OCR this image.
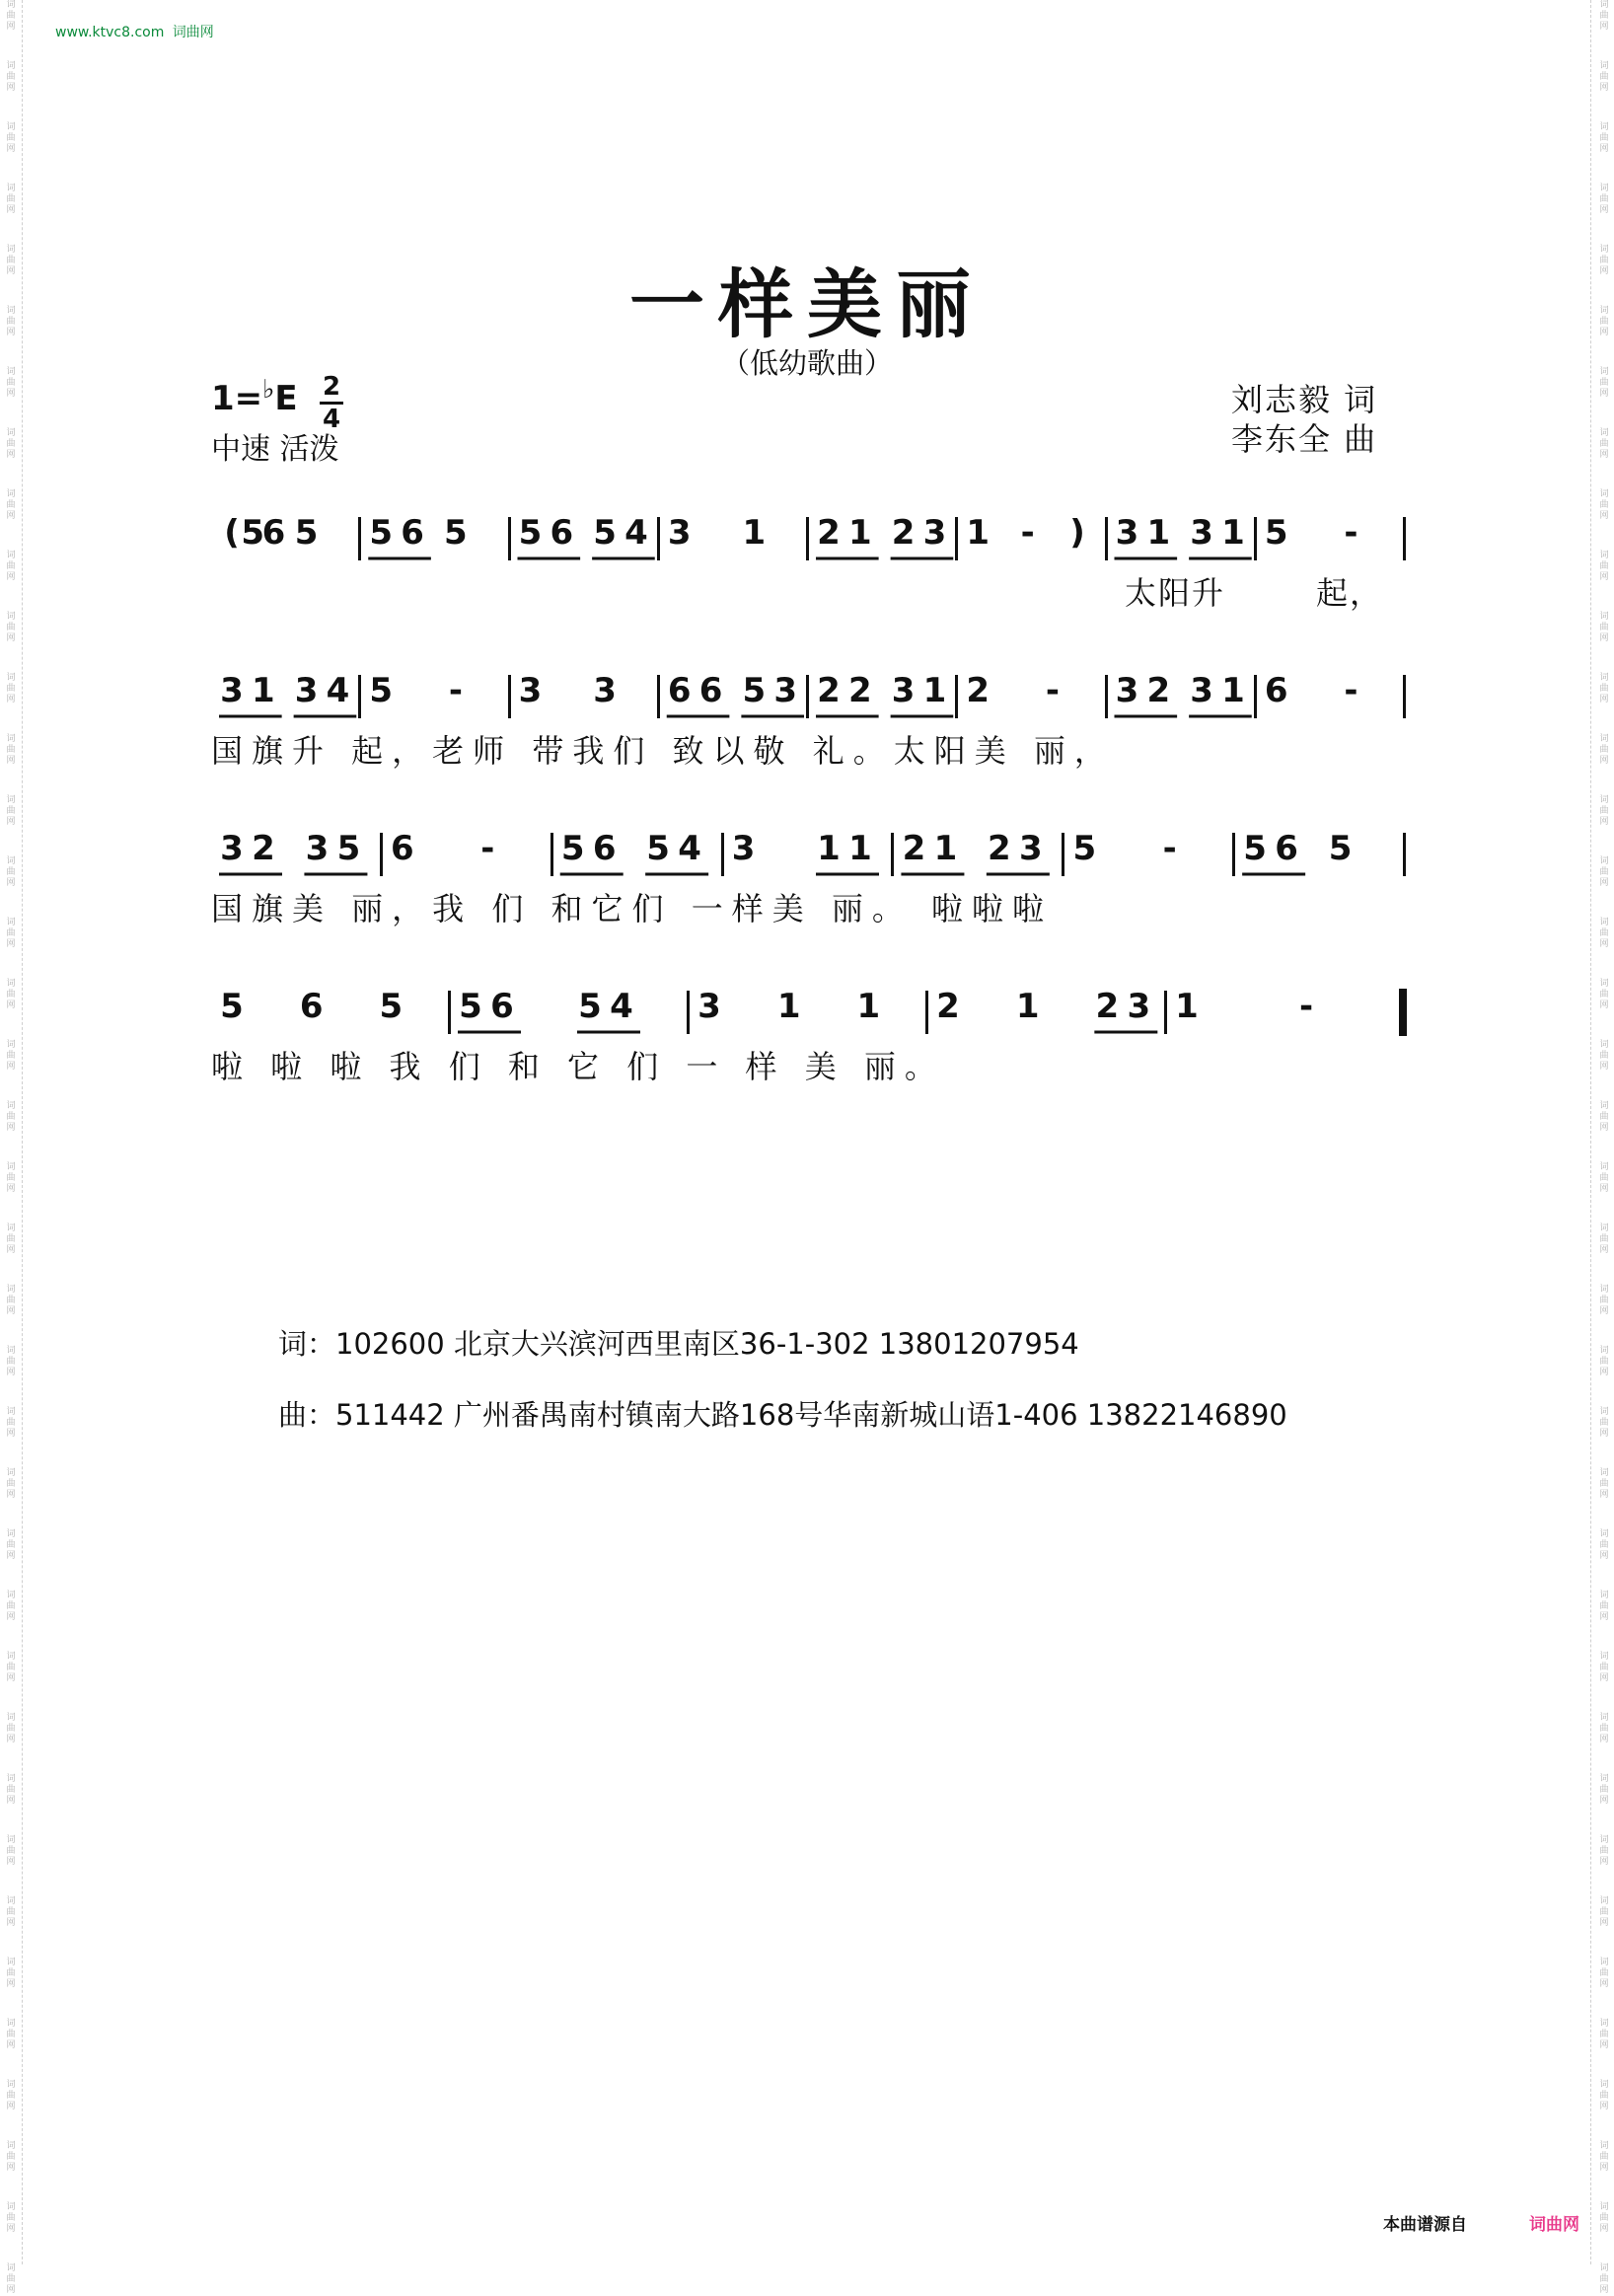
词
曲
网
词
曲
网
词
曲
网
词
曲
网
词
曲
网
词
曲
网
词
曲
网
词
曲
网
词
曲
网
词
曲
网
词
曲
网
词
曲
网
词
曲
网
词
曲
网
词
曲
网
词
曲
网
词
曲
网
词
曲
网
词
曲
网
词
曲
网
词
曲
网
词
曲
网
词
曲
网
词
曲
网
词
曲
网
词
曲
网
词
曲
网
词
曲
网
词
曲
网
词
曲
网
词
曲
网
词
曲
网
词
曲
网
词
曲
网
词
曲
网
词
曲
网
词
曲
网
词
曲
网
词
曲
网
词
曲
网
词
曲
网
词
曲
网
词
曲
网
词
曲
网
词
曲
网
词
曲
网
词
曲
网
词
曲
网
词
曲
网
词
曲
网
词
曲
网
词
曲
网
词
曲
网
词
曲
网
词
曲
网
词
曲
网
词
曲
网
词
曲
网
词
曲
网
词
曲
网
词
曲
网
词
曲
网
词
曲
网
词
曲
网
词
曲
网
词
曲
网
词
曲
网
词
曲
网
词
曲
网
词
曲
网
词
曲
网
词
曲
网
词
曲
网
词
曲
网
词
曲
网
词
曲
网
www.ktvc8.com 词曲网
一样美丽
（低幼歌曲）
1=♭E 2
4
中速 活泼
刘志毅 词
李东全 曲
( 5
6 5 5 6 5 5 6 5 4 3 1 2 1 2 3 1 - ) 3 1 3 1 5 -
太阳升	起，
3 1 3 4 5 - 3 3 6 6 5 3 2 2 3 1 2 - 3 2 3 1 6 -
国旗升 起，老师 带我们 致以敬 礼。太阳美 丽，
3 2 3 5 6 - 5 6 5 4 3 1 1 2 1 2 3 5 - 5 6 5
国旗美 丽，我 们 和它们 一样美 丽。 啦啦啦
5 6 5 5 6 5 4 3 1 1 2 1 2 3 1	-
啦 啦 啦 我 们 和 它 们 一 样 美 丽。
词：102600 北京大兴滨河西里南区36-1-302 13801207954
曲：511442 广州番禺南村镇南大路168号华南新城山语1-406 13822146890
本曲谱源自	词曲网
